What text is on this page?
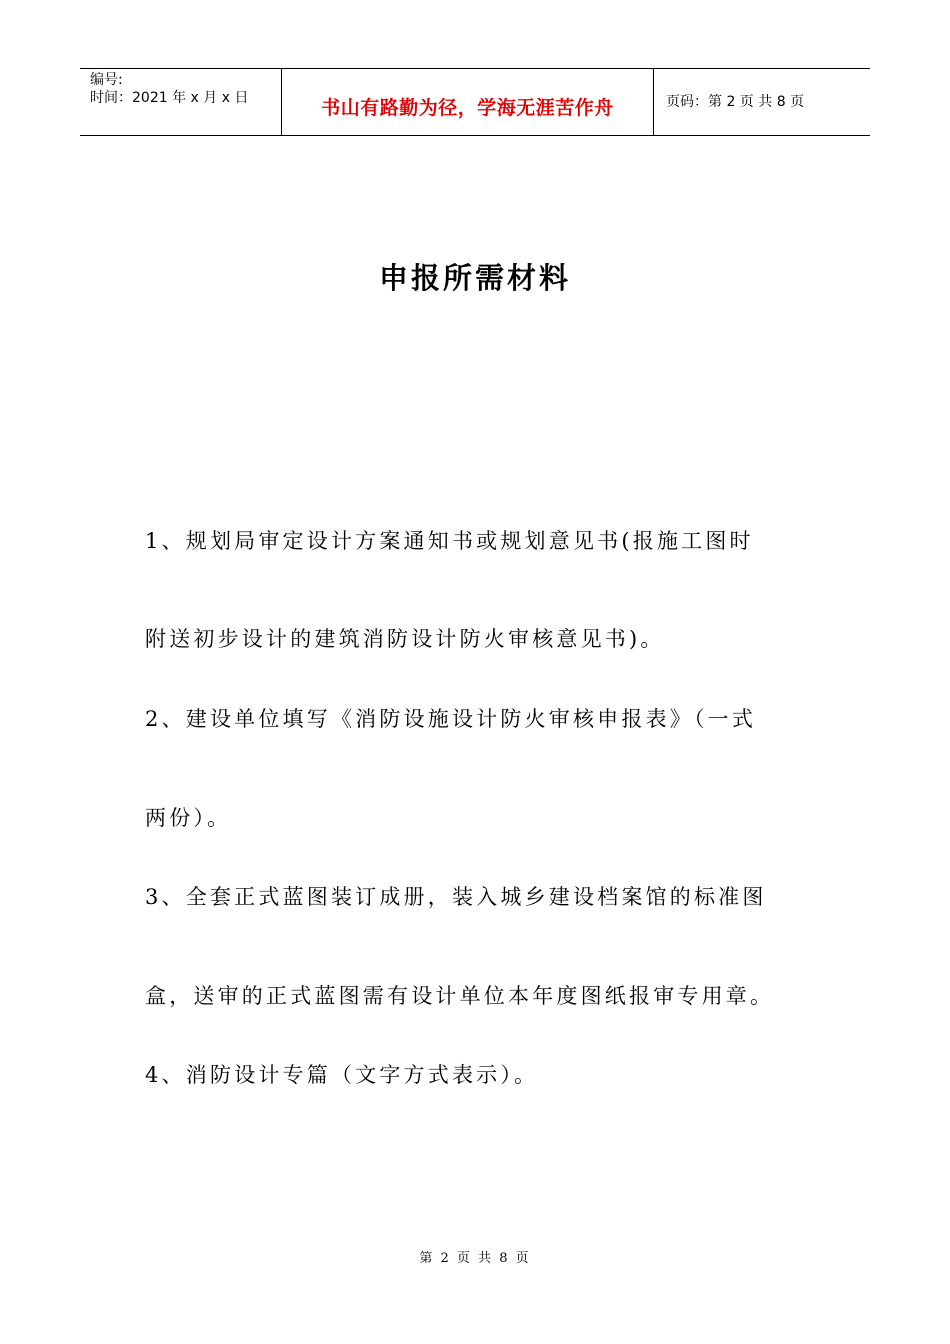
编号:
时间：2021 年 x 月 x 日	书山有路勤为径，学海无涯苦作舟	页码：第 2 页 共 8 页
申报所需材料
1、规划局审定设计方案通知书或规划意见书(报施工图时
附送初步设计的建筑消防设计防火审核意见书)。
2、建设单位填写《消防设施设计防火审核申报表》（一式
两份）。
3、全套正式蓝图装订成册，装入城乡建设档案馆的标准图
盒，送审的正式蓝图需有设计单位本年度图纸报审专用章。
4、消防设计专篇（文字方式表示）。
第 2 页 共 8 页
